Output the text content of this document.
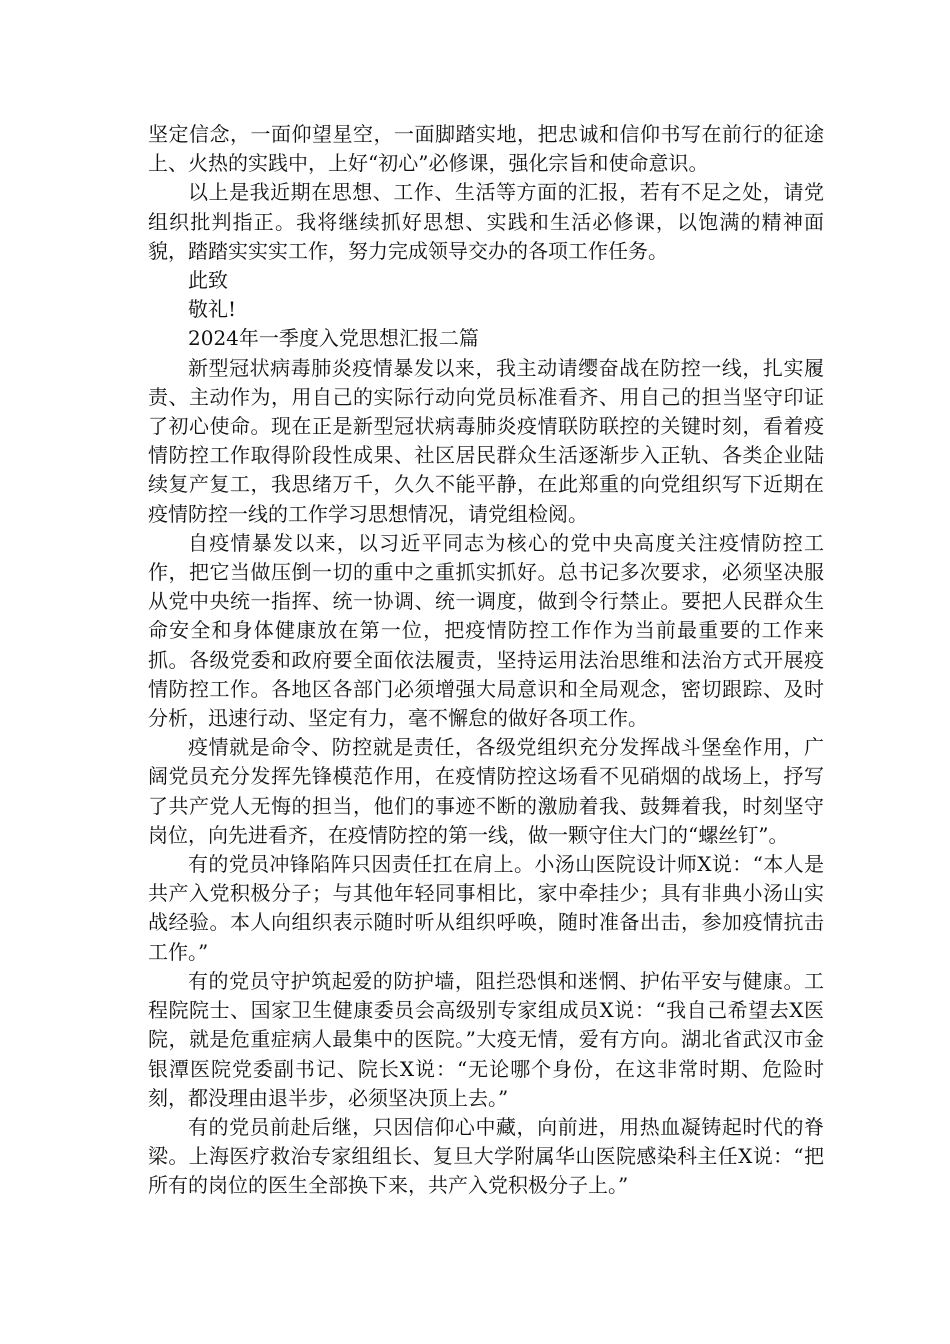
坚定信念，一面仰望星空，一面脚踏实地，把忠诚和信仰书写在前行的征途上、火热的实践中，上好“初心”必修课，强化宗旨和使命意识。

以上是我近期在思想、工作、生活等方面的汇报，若有不足之处，请党组织批判指正。我将继续抓好思想、实践和生活必修课，以饱满的精神面貌，踏踏实实实工作，努力完成领导交办的各项工作任务。

此致

敬礼!

2024年一季度入党思想汇报二篇

新型冠状病毒肺炎疫情暴发以来，我主动请缨奋战在防控一线，扎实履责、主动作为，用自己的实际行动向党员标准看齐、用自己的担当坚守印证了初心使命。现在正是新型冠状病毒肺炎疫情联防联控的关键时刻，看着疫情防控工作取得阶段性成果、社区居民群众生活逐渐步入正轨、各类企业陆续复产复工，我思绪万千，久久不能平静，在此郑重的向党组织写下近期在疫情防控一线的工作学习思想情况，请党组检阅。

自疫情暴发以来，以习近平同志为核心的党中央高度关注疫情防控工作，把它当做压倒一切的重中之重抓实抓好。总书记多次要求，必须坚决服从党中央统一指挥、统一协调、统一调度，做到令行禁止。要把人民群众生命安全和身体健康放在第一位，把疫情防控工作作为当前最重要的工作来抓。各级党委和政府要全面依法履责，坚持运用法治思维和法治方式开展疫情防控工作。各地区各部门必须增强大局意识和全局观念，密切跟踪、及时分析，迅速行动、坚定有力，毫不懈怠的做好各项工作。

疫情就是命令、防控就是责任，各级党组织充分发挥战斗堡垒作用，广阔党员充分发挥先锋模范作用，在疫情防控这场看不见硝烟的战场上，抒写了共产党人无悔的担当，他们的事迹不断的激励着我、鼓舞着我，时刻坚守岗位，向先进看齐，在疫情防控的第一线，做一颗守住大门的“螺丝钉”。

有的党员冲锋陷阵只因责任扛在肩上。小汤山医院设计师X说：“本人是共产入党积极分子；与其他年轻同事相比，家中牵挂少；具有非典小汤山实战经验。本人向组织表示随时听从组织呼唤，随时准备出击，参加疫情抗击工作。”

有的党员守护筑起爱的防护墙，阻拦恐惧和迷惘、护佑平安与健康。工程院院士、国家卫生健康委员会高级别专家组成员X说：“我自己希望去X医院，就是危重症病人最集中的医院。”大疫无情，爱有方向。湖北省武汉市金银潭医院党委副书记、院长X说：“无论哪个身份，在这非常时期、危险时刻，都没理由退半步，必须坚决顶上去。”

有的党员前赴后继，只因信仰心中藏，向前进，用热血凝铸起时代的脊梁。上海医疗救治专家组组长、复旦大学附属华山医院感染科主任X说：“把所有的岗位的医生全部换下来，共产入党积极分子上。”
